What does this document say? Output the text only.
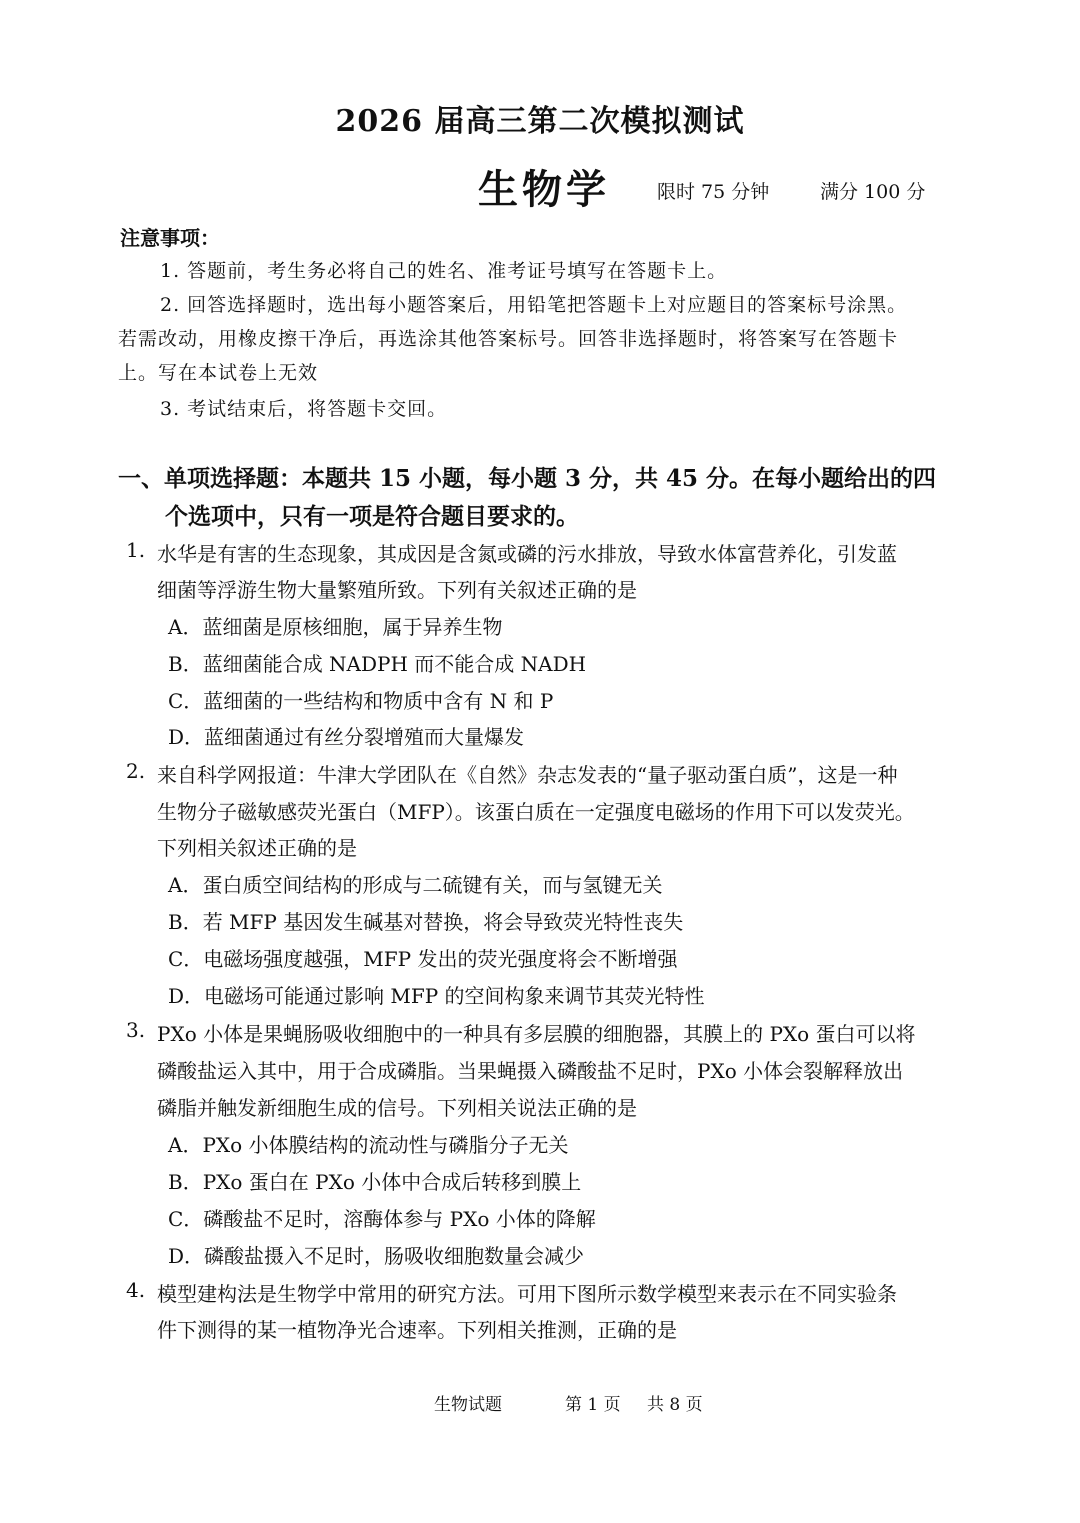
2026 届高三第二次模拟测试
生物学 限时 75 分钟	满分 100 分
注意事项：
1. 答题前，考生务必将自己的姓名、准考证号填写在答题卡上。
2. 回答选择题时，选出每小题答案后，用铅笔把答题卡上对应题目的答案标号涂黑。
若需改动，用橡皮擦干净后，再选涂其他答案标号。回答非选择题时，将答案写在答题卡
上。写在本试卷上无效
3. 考试结束后，将答题卡交回。
一、单项选择题：本题共 15 小题，每小题 3 分，共 45 分。在每小题给出的四
个选项中，只有一项是符合题目要求的。
1. 水华是有害的生态现象，其成因是含氮或磷的污水排放，导致水体富营养化，引发蓝
细菌等浮游生物大量繁殖所致。下列有关叙述正确的是
A．蓝细菌是原核细胞，属于异养生物
B．蓝细菌能合成 NADPH 而不能合成 NADH
C．蓝细菌的一些结构和物质中含有 N 和 P
D．蓝细菌通过有丝分裂增殖而大量爆发
2. 来自科学网报道：牛津大学团队在《自然》杂志发表的“量子驱动蛋白质”，这是一种
生物分子磁敏感荧光蛋白（MFP）。该蛋白质在一定强度电磁场的作用下可以发荧光。
下列相关叙述正确的是
A．蛋白质空间结构的形成与二硫键有关，而与氢键无关
B．若 MFP 基因发生碱基对替换，将会导致荧光特性丧失
C．电磁场强度越强，MFP 发出的荧光强度将会不断增强
D．电磁场可能通过影响 MFP 的空间构象来调节其荧光特性
3. PXo 小体是果蝇肠吸收细胞中的一种具有多层膜的细胞器，其膜上的 PXo 蛋白可以将
磷酸盐运入其中，用于合成磷脂。当果蝇摄入磷酸盐不足时，PXo 小体会裂解释放出
磷脂并触发新细胞生成的信号。下列相关说法正确的是
A．PXo 小体膜结构的流动性与磷脂分子无关
B．PXo 蛋白在 PXo 小体中合成后转移到膜上
C．磷酸盐不足时，溶酶体参与 PXo 小体的降解
D．磷酸盐摄入不足时，肠吸收细胞数量会减少
4. 模型建构法是生物学中常用的研究方法。可用下图所示数学模型来表示在不同实验条
件下测得的某一植物净光合速率。下列相关推测，正确的是
生物试题	第 1 页 共 8 页
